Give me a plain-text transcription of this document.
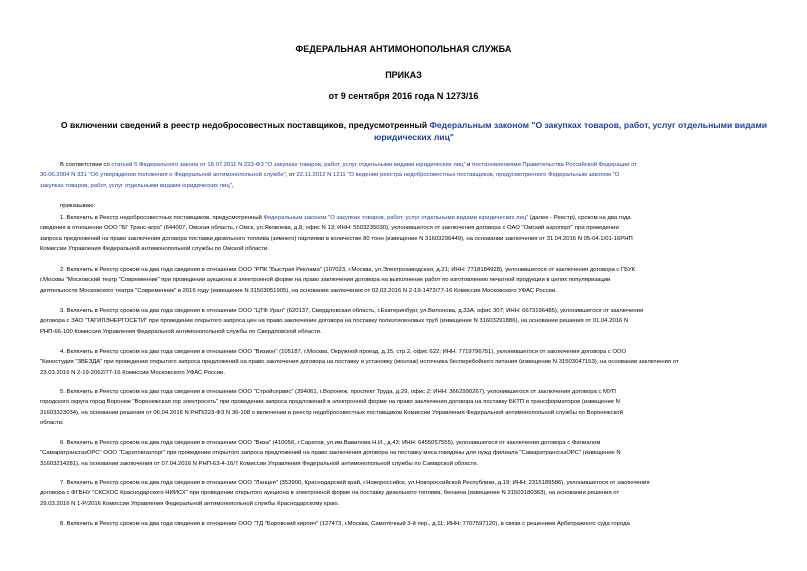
ФЕДЕРАЛЬНАЯ АНТИМОНОПОЛЬНАЯ СЛУЖБА
ПРИКАЗ
от 9 сентября 2016 года N 1273/16
О включении сведений в реестр недобросовестных поставщиков, предусмотренный Федеральным законом "О закупках товаров, работ, услуг отдельными видами юридических лиц"
В соответствии со статьей 5 Федерального закона от 18.07.2011 N 223-ФЗ "О закупках товаров, работ, услуг отдельными видами юридических лиц" и постановлениями Правительства Российской Федерации от
30.06.2004 N 331 "Об утверждении положения о Федеральной антимонопольной службе", от 22.11.2012 N 1211 "О ведении реестра недобросовестных поставщиков, предусмотренного Федеральным законом "О
закупках товаров, работ, услуг отдельными видами юридических лиц",
приказываю:
1. Включить в Реестр недобросовестных поставщиков, предусмотренный Федеральным законом "О закупках товаров, работ, услуг отдельными видами юридических лиц" (далее - Реестр), сроком на два года
сведения в отношении ООО "БГ Транс-агро" (644007, Омская область, г.Омск, ул.Яковлева, д.8, офис N 13; ИНН: 5503235030), уклонившегося от заключения договора с ОАО "Омский аэропорт" при проведении
запроса предложений на право заключения договора поставки дизельного топлива (зимнего) партиями в количестве 80 тонн (извещение N 31603296449), на основании заключения от 31.04.2016 N 05-04.1/01-16РНП
Комиссии Управления Федеральной антимонопольной службы по Омской области.
2. Включить в Реестр сроком на два года сведения в отношении ООО "РПК "Быстрая Реклама" (107023, г.Москва, ул.Электрозаводская, д.21; ИНН: 7718184928), уклонившегося от заключения договора с ГБУК
г.Москвы "Московский театр "Современник" при проведении аукциона в электронной форме на право заключения договора на выполнение работ по изготовлению печатной продукции в целях популяризации
деятельности Московского театра "Современник" в 2016 году (извещение N 31503051905), на основании заключения от 02.03.2016 N 2-19-1473/77-16 Комиссии Московского УФАС России.
3. Включить в Реестр сроком на два года сведения в отношении ООО "ЦТФ Урал" (620137, Свердловская область, г.Екатеринбург, ул.Вилонова, д.33А, офис 307; ИНН: 6673196485), уклонившегося от заключения
договора с ЗАО "ТАГИЛЭНЕРГОСЕТИ" при проведении открытого запроса цен на право заключение договора на поставку полиэтиленовых труб (извещение N 31603291886), на основании решения от 01.04.2016 N
РНП-66-100 Комиссии Управления Федеральной антимонопольной службы по Свердловской области.
4. Включить в Реестр сроком на два года сведения в отношении ООО "Визион" (105187, г.Москва, Окружной проезд, д.15, стр.2, офис 622; ИНН: 7719796751), уклонившегося от заключения договора с ООО
"Киностудия "ЗВЕЗДА" при проведении открытого запроса предложений на право заключения договора на поставку и установку (монтаж) источника бесперебойного питания (извещение N 31503047153), на основании заключения от
23.03.2016 N 2-19-2062/77-16 Комиссии Московского УФАС России.
5. Включить в Реестр сроком на два года сведения в отношении ООО "Стройсервис" (394061, г.Воронеж, проспект Труда, д.29, офис 2; ИНН: 3662990267), уклонившегося от заключения договора с МУП
городского округа город Воронеж "Воронежская гор электросеть" при проведении запроса предложений в электронной форме на право заключения договора на поставку БКТП и трансформаторов (извещение N
31603323034), на основании решения от 06.04.2016 N РНП/223-ФЗ N 36-108 о включении в реестр недобросовестных поставщиков Комиссии Управления Федеральной антимонопольной службы по Воронежской
области.
6. Включить в Реестр сроком на два года сведения в отношении ООО "Виза" (410056, г.Саратов, ул.им.Вавилова Н.И., д.43; ИНН: 6455057555), уклонившегося от заключения договора с Филиалом
"СамаратрансгазОРС" ООО "Саратовгазторг" при проведении открытого запроса предложений на право заключения договора на поставку мяса говядины для нужд филиала "СамаратрансгазОРС" (извещение N
31603214281), на основании заключения от 07.04.2016 N РНП-63-4-16/7 Комиссии Управления Федеральной антимонопольной службы по Самарской области.
7. Включить в Реестр сроком на два года сведения в отношении ООО "Ланцея" (353900, Краснодарский край, г.Новороссийск, ул.Новороссийской Республики, д.19; ИНН: 2315189586), уклонившегося от заключения
договора с ФГБНУ "СКСХОС Краснодарского НИИСХ" при проведении открытого аукциона в электронной форме на поставку дизельного топлива, бензина (извещение N 31503180363), на основании решения от
29.03.2016 N 1-Р/2016 Комиссии Управления Федеральной антимонопольной службы Краснодарскому краю.
8. Включить в Реестр сроком на два года сведения в отношении ООО "ТД "Боровский кирпич" (127473, г.Москва, Самотёчный 3-й пер., д.11; ИНН: 7707597120), в связи с решением Арбитражного суда города
